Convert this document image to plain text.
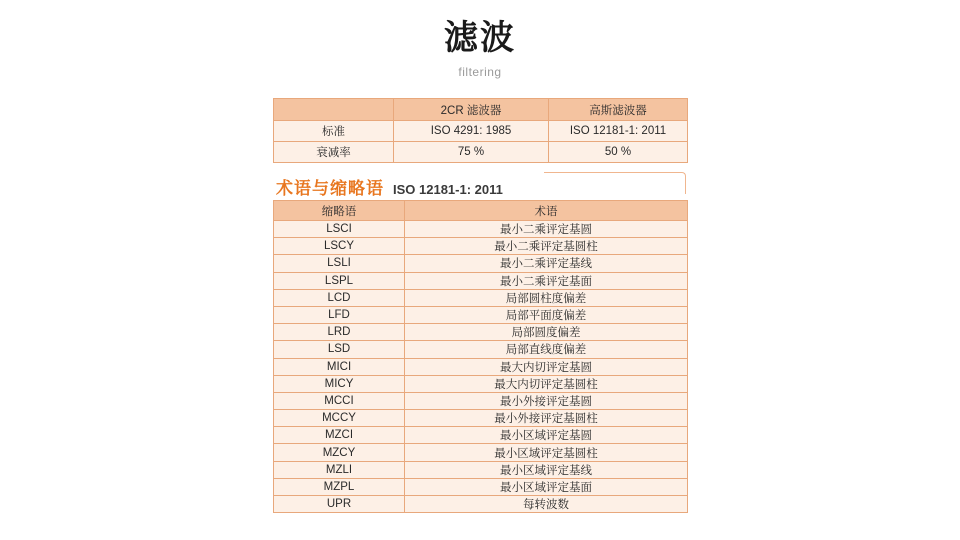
滤波
filtering
	2CR 滤波器	高斯滤波器
标准	ISO 4291: 1985	ISO 12181-1: 2011
衰减率	75 %	50 %
术语与缩略语 ISO 12181-1: 2011
缩略语	术语
LSCI	最小二乘评定基圆
LSCY	最小二乘评定基圆柱
LSLI	最小二乘评定基线
LSPL	最小二乘评定基面
LCD	局部圆柱度偏差
LFD	局部平面度偏差
LRD	局部圆度偏差
LSD	局部直线度偏差
MICI	最大内切评定基圆
MICY	最大内切评定基圆柱
MCCI	最小外接评定基圆
MCCY	最小外接评定基圆柱
MZCI	最小区域评定基圆
MZCY	最小区域评定基圆柱
MZLI	最小区域评定基线
MZPL	最小区域评定基面
UPR	每转波数
